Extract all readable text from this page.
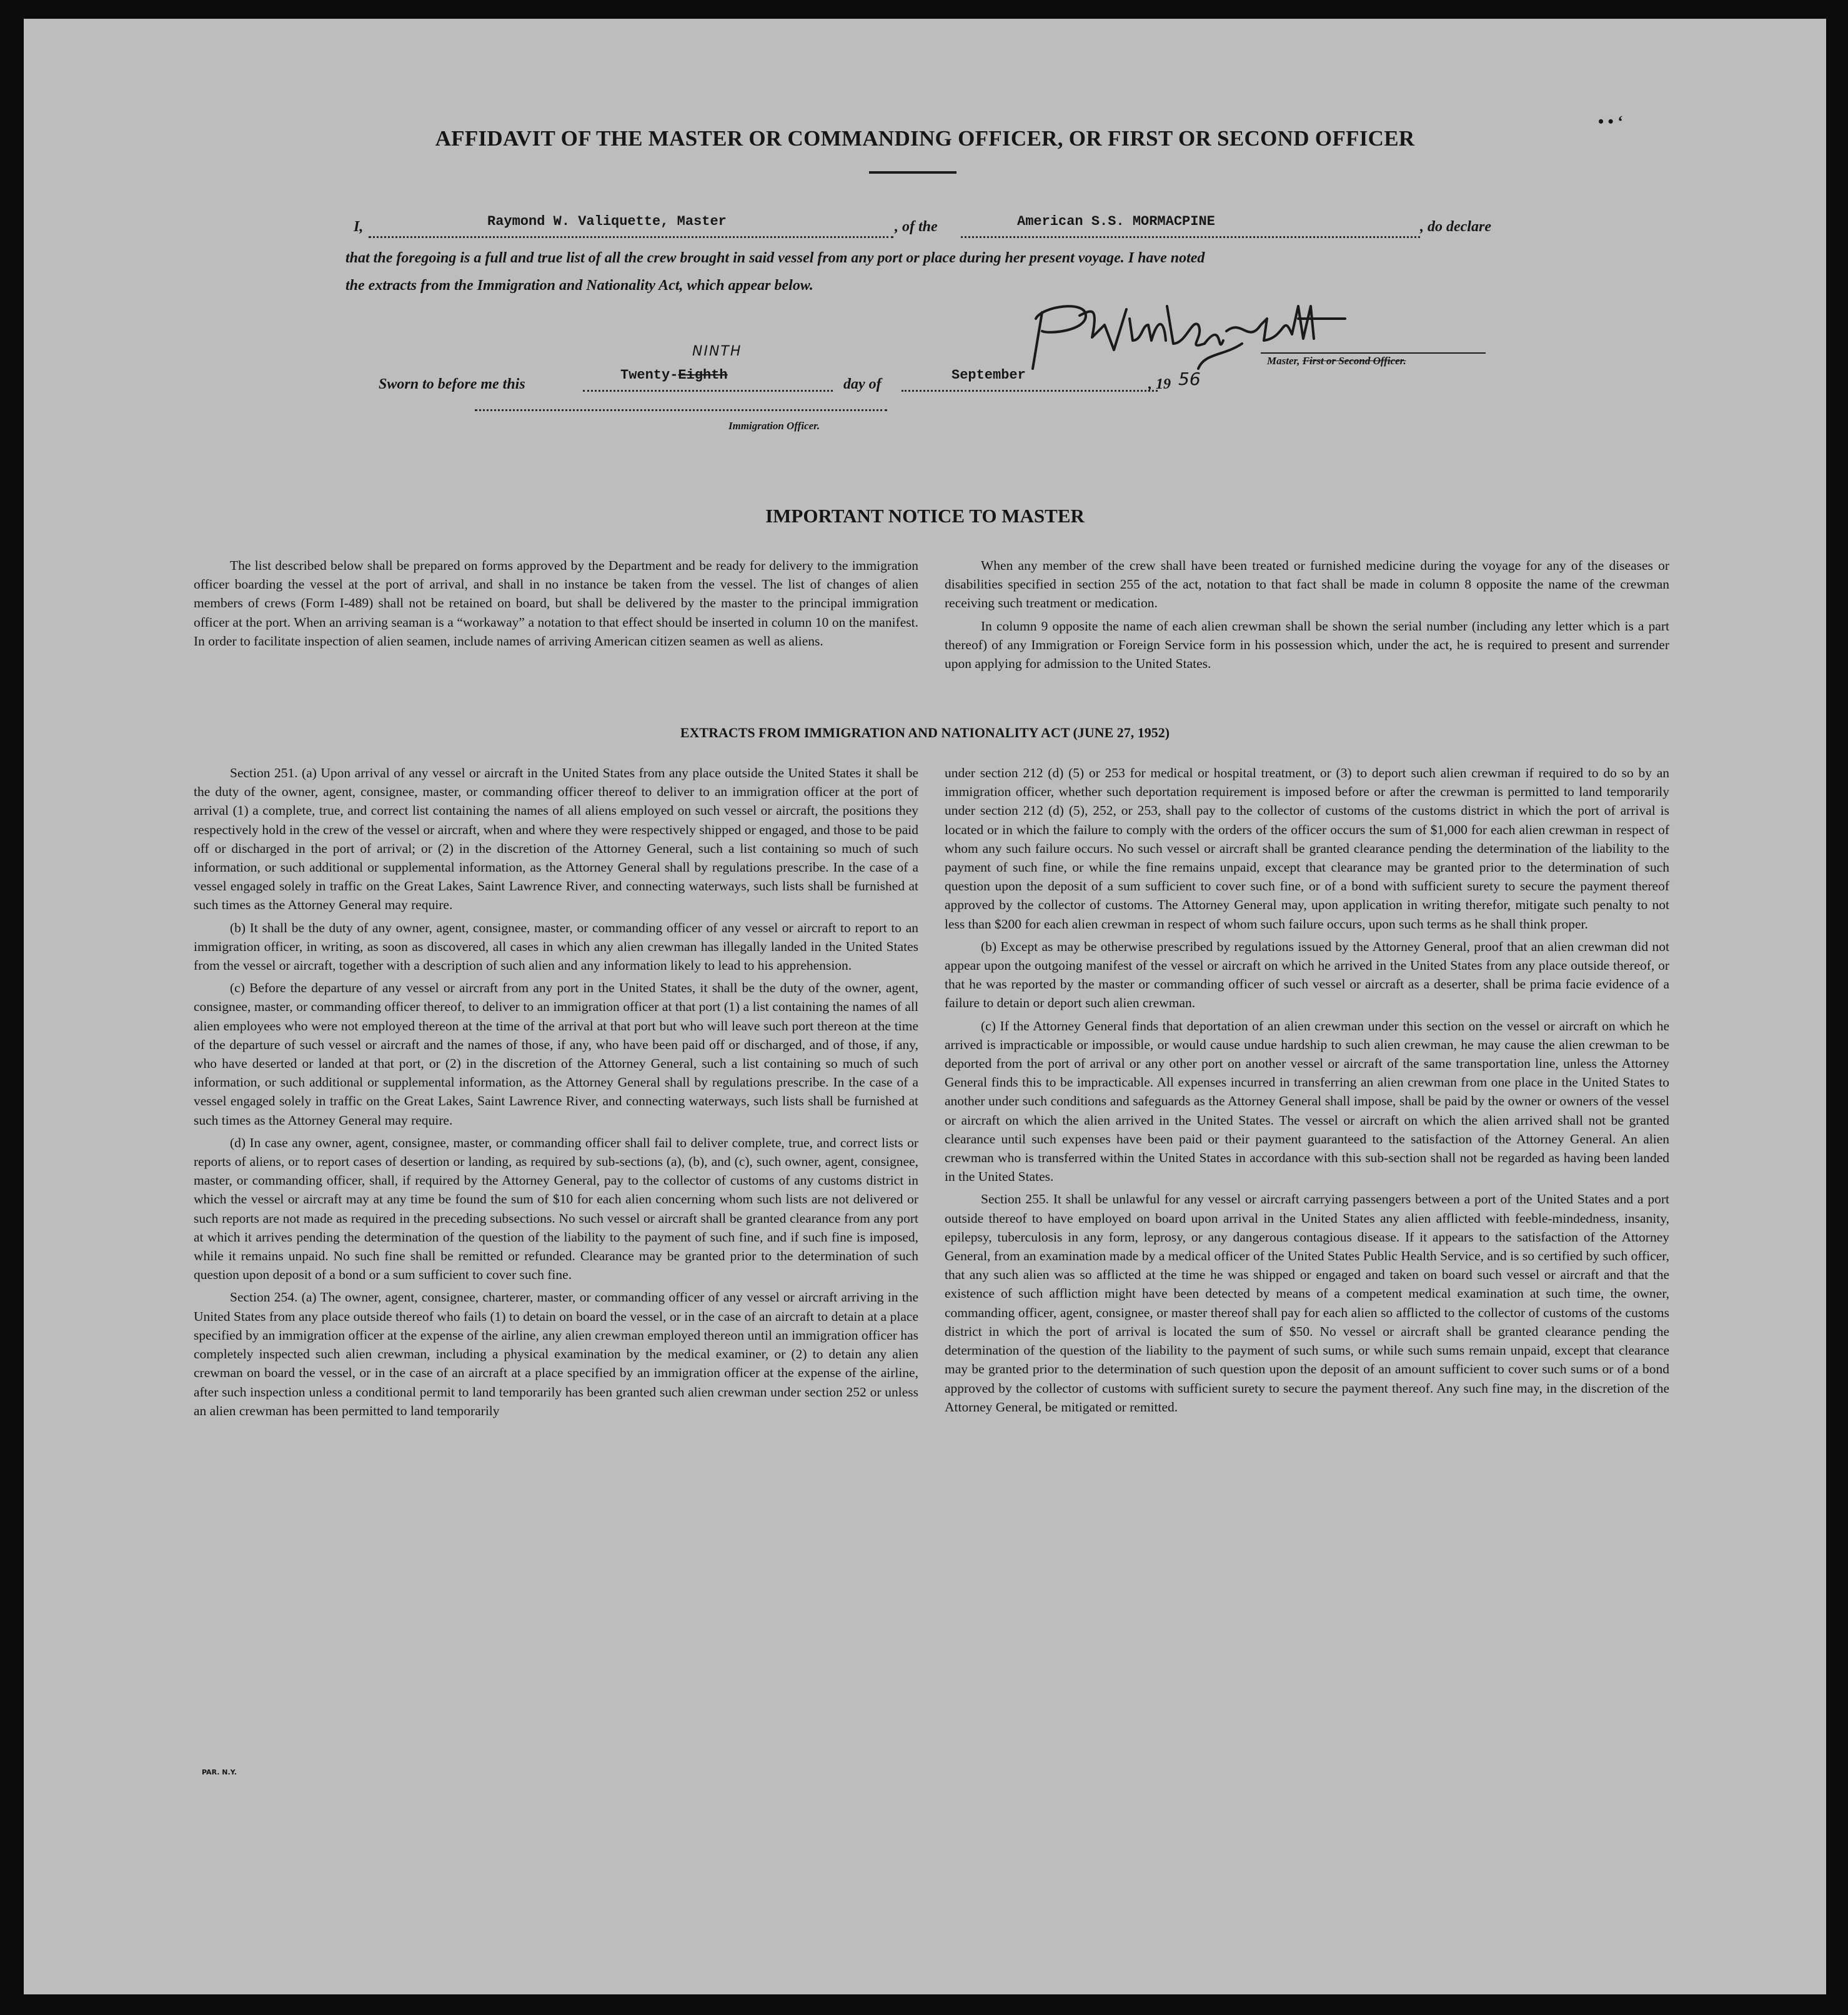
• • ʻ
AFFIDAVIT OF THE MASTER OR COMMANDING OFFICER, OR FIRST OR SECOND OFFICER
I,	Raymond W. Valiquette, Master	, of the	American S.S. MORMACPINE	, do declare
that the foregoing is a full and true list of all the crew brought in said vessel from any port or place during her present voyage. I have noted
the extracts from the Immigration and Nationality Act, which appear below.
Master, First or Second Officer.
Sworn to before me this
NINTH
Twenty-Eighth
day of
September
, 19 56
Immigration Officer.
IMPORTANT NOTICE TO MASTER

The list described below shall be prepared on forms approved by the Department and be ready for delivery to the immigration officer boarding the vessel at the port of arrival, and shall in no instance be taken from the vessel. The list of changes of alien members of crews (Form I-489) shall not be retained on board, but shall be delivered by the master to the principal immigration officer at the port. When an arriving seaman is a “workaway” a notation to that effect should be inserted in column 10 on the manifest. In order to facilitate inspection of alien seamen, include names of arriving American citizen seamen as well as aliens.

When any member of the crew shall have been treated or furnished medicine during the voyage for any of the diseases or disabilities specified in section 255 of the act, notation to that fact shall be made in column 8 opposite the name of the crewman receiving such treatment or medication.

In column 9 opposite the name of each alien crewman shall be shown the serial number (including any letter which is a part thereof) of any Immigration or Foreign Service form in his possession which, under the act, he is required to present and surrender upon applying for admission to the United States.

EXTRACTS FROM IMMIGRATION AND NATIONALITY ACT (JUNE 27, 1952)

Section 251. (a) Upon arrival of any vessel or aircraft in the United States from any place outside the United States it shall be the duty of the owner, agent, consignee, master, or commanding officer thereof to deliver to an immigration officer at the port of arrival (1) a complete, true, and correct list containing the names of all aliens employed on such vessel or aircraft, the positions they respectively hold in the crew of the vessel or aircraft, when and where they were respectively shipped or engaged, and those to be paid off or discharged in the port of arrival; or (2) in the discretion of the Attorney General, such a list containing so much of such information, or such additional or supplemental information, as the Attorney General shall by regulations prescribe. In the case of a vessel engaged solely in traffic on the Great Lakes, Saint Lawrence River, and connecting waterways, such lists shall be furnished at such times as the Attorney General may require.

(b) It shall be the duty of any owner, agent, consignee, master, or commanding officer of any vessel or aircraft to report to an immigration officer, in writing, as soon as discovered, all cases in which any alien crewman has illegally landed in the United States from the vessel or aircraft, together with a description of such alien and any information likely to lead to his apprehension.

(c) Before the departure of any vessel or aircraft from any port in the United States, it shall be the duty of the owner, agent, consignee, master, or commanding officer thereof, to deliver to an immigration officer at that port (1) a list containing the names of all alien employees who were not employed thereon at the time of the arrival at that port but who will leave such port thereon at the time of the departure of such vessel or aircraft and the names of those, if any, who have been paid off or discharged, and of those, if any, who have deserted or landed at that port, or (2) in the discretion of the Attorney General, such a list containing so much of such information, or such additional or supplemental information, as the Attorney General shall by regulations prescribe. In the case of a vessel engaged solely in traffic on the Great Lakes, Saint Lawrence River, and connecting waterways, such lists shall be furnished at such times as the Attorney General may require.

(d) In case any owner, agent, consignee, master, or commanding officer shall fail to deliver complete, true, and correct lists or reports of aliens, or to report cases of desertion or landing, as required by sub-sections (a), (b), and (c), such owner, agent, consignee, master, or commanding officer, shall, if required by the Attorney General, pay to the collector of customs of any customs district in which the vessel or aircraft may at any time be found the sum of $10 for each alien concerning whom such lists are not delivered or such reports are not made as required in the preceding subsections. No such vessel or aircraft shall be granted clearance from any port at which it arrives pending the determination of the question of the liability to the payment of such fine, and if such fine is imposed, while it remains unpaid. No such fine shall be remitted or refunded. Clearance may be granted prior to the determination of such question upon deposit of a bond or a sum sufficient to cover such fine.

Section 254. (a) The owner, agent, consignee, charterer, master, or commanding officer of any vessel or aircraft arriving in the United States from any place outside thereof who fails (1) to detain on board the vessel, or in the case of an aircraft to detain at a place specified by an immigration officer at the expense of the airline, any alien crewman employed thereon until an immigration officer has completely inspected such alien crewman, including a physical examination by the medical examiner, or (2) to detain any alien crewman on board the vessel, or in the case of an aircraft at a place specified by an immigration officer at the expense of the airline, after such inspection unless a conditional permit to land temporarily has been granted such alien crewman under section 252 or unless an alien crewman has been permitted to land temporarily

under section 212 (d) (5) or 253 for medical or hospital treatment, or (3) to deport such alien crewman if required to do so by an immigration officer, whether such deportation requirement is imposed before or after the crewman is permitted to land temporarily under section 212 (d) (5), 252, or 253, shall pay to the collector of customs of the customs district in which the port of arrival is located or in which the failure to comply with the orders of the officer occurs the sum of $1,000 for each alien crewman in respect of whom any such failure occurs. No such vessel or aircraft shall be granted clearance pending the determination of the liability to the payment of such fine, or while the fine remains unpaid, except that clearance may be granted prior to the determination of such question upon the deposit of a sum sufficient to cover such fine, or of a bond with sufficient surety to secure the payment thereof approved by the collector of customs. The Attorney General may, upon application in writing therefor, mitigate such penalty to not less than $200 for each alien crewman in respect of whom such failure occurs, upon such terms as he shall think proper.

(b) Except as may be otherwise prescribed by regulations issued by the Attorney General, proof that an alien crewman did not appear upon the outgoing manifest of the vessel or aircraft on which he arrived in the United States from any place outside thereof, or that he was reported by the master or commanding officer of such vessel or aircraft as a deserter, shall be prima facie evidence of a failure to detain or deport such alien crewman.

(c) If the Attorney General finds that deportation of an alien crewman under this section on the vessel or aircraft on which he arrived is impracticable or impossible, or would cause undue hardship to such alien crewman, he may cause the alien crewman to be deported from the port of arrival or any other port on another vessel or aircraft of the same transportation line, unless the Attorney General finds this to be impracticable. All expenses incurred in transferring an alien crewman from one place in the United States to another under such conditions and safeguards as the Attorney General shall impose, shall be paid by the owner or owners of the vessel or aircraft on which the alien arrived in the United States. The vessel or aircraft on which the alien arrived shall not be granted clearance until such expenses have been paid or their payment guaranteed to the satisfaction of the Attorney General. An alien crewman who is transferred within the United States in accordance with this sub-section shall not be regarded as having been landed in the United States.

Section 255. It shall be unlawful for any vessel or aircraft carrying passengers between a port of the United States and a port outside thereof to have employed on board upon arrival in the United States any alien afflicted with feeble-mindedness, insanity, epilepsy, tuberculosis in any form, leprosy, or any dangerous contagious disease. If it appears to the satisfaction of the Attorney General, from an examination made by a medical officer of the United States Public Health Service, and is so certified by such officer, that any such alien was so afflicted at the time he was shipped or engaged and taken on board such vessel or aircraft and that the existence of such affliction might have been detected by means of a competent medical examination at such time, the owner, commanding officer, agent, consignee, or master thereof shall pay for each alien so afflicted to the collector of customs of the customs district in which the port of arrival is located the sum of $50. No vessel or aircraft shall be granted clearance pending the determination of the question of the liability to the payment of such sums, or while such sums remain unpaid, except that clearance may be granted prior to the determination of such question upon the deposit of an amount sufficient to cover such sums or of a bond approved by the collector of customs with sufficient surety to secure the payment thereof. Any such fine may, in the discretion of the Attorney General, be mitigated or remitted.

PAR. N.Y.
